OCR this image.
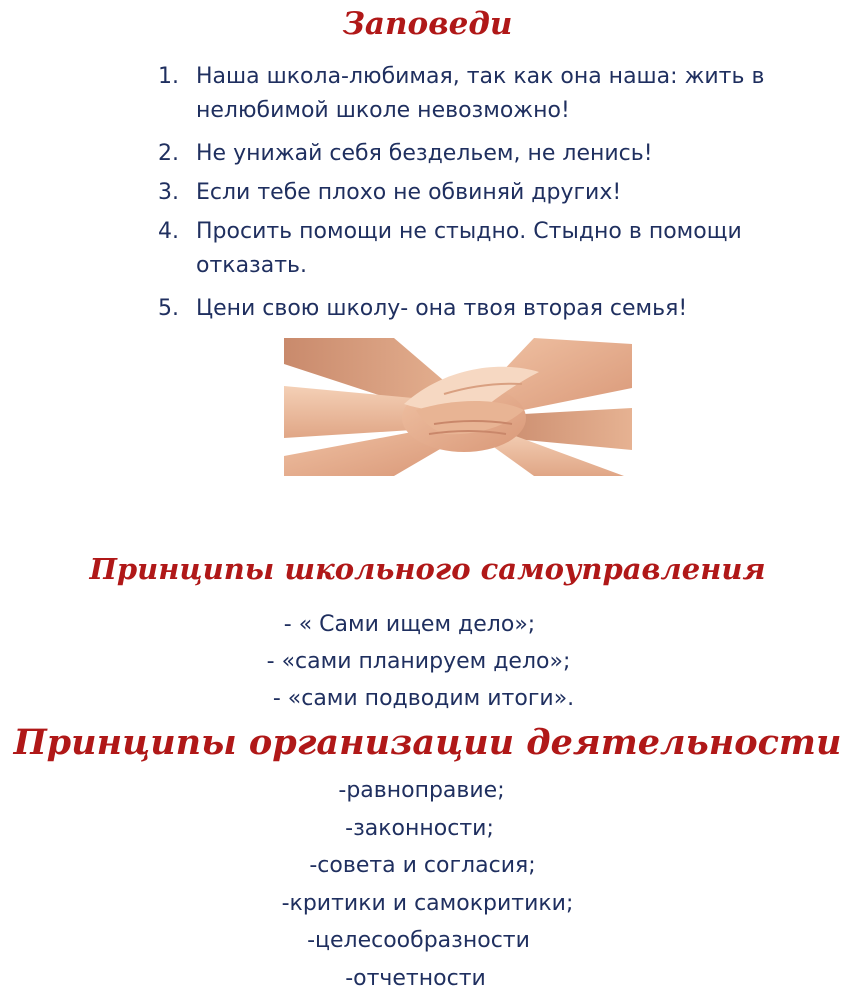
Заповеди
1. Наша школа-любимая, так как она наша: жить в нелюбимой школе невозможно!
2. Не унижай себя бездельем, не ленись!
3. Если тебе плохо не обвиняй других!
4. Просить помощи не стыдно. Стыдно в помощи отказать.
5. Цени свою школу- она твоя вторая семья!
Принципы школьного самоуправления
- « Сами ищем дело»;
- «сами планируем дело»;
- «сами подводим итоги».
Принципы организации деятельности
-равноправие;
-законности;
-совета и согласия;
-критики и самокритики;
-целесообразности
-отчетности
